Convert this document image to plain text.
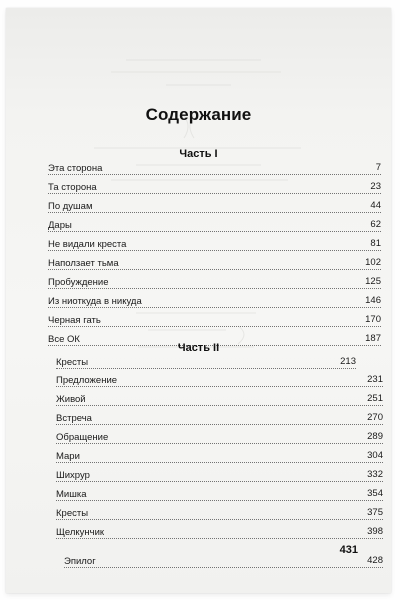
Содержание
Часть I
Эта сторона	7
Та сторона	23
По душам	44
Дары	62
Не видали креста	81
Наползает тьма	102
Пробуждение	125
Из ниоткуда в никуда	146
Черная гать	170
Все ОК	187
Часть II
Кресты	213
Предложение	231
Живой	251
Встреча	270
Обращение	289
Мари	304
Шихрур	332
Мишка	354
Кресты	375
Щелкунчик	398
Эпилог	428
431
